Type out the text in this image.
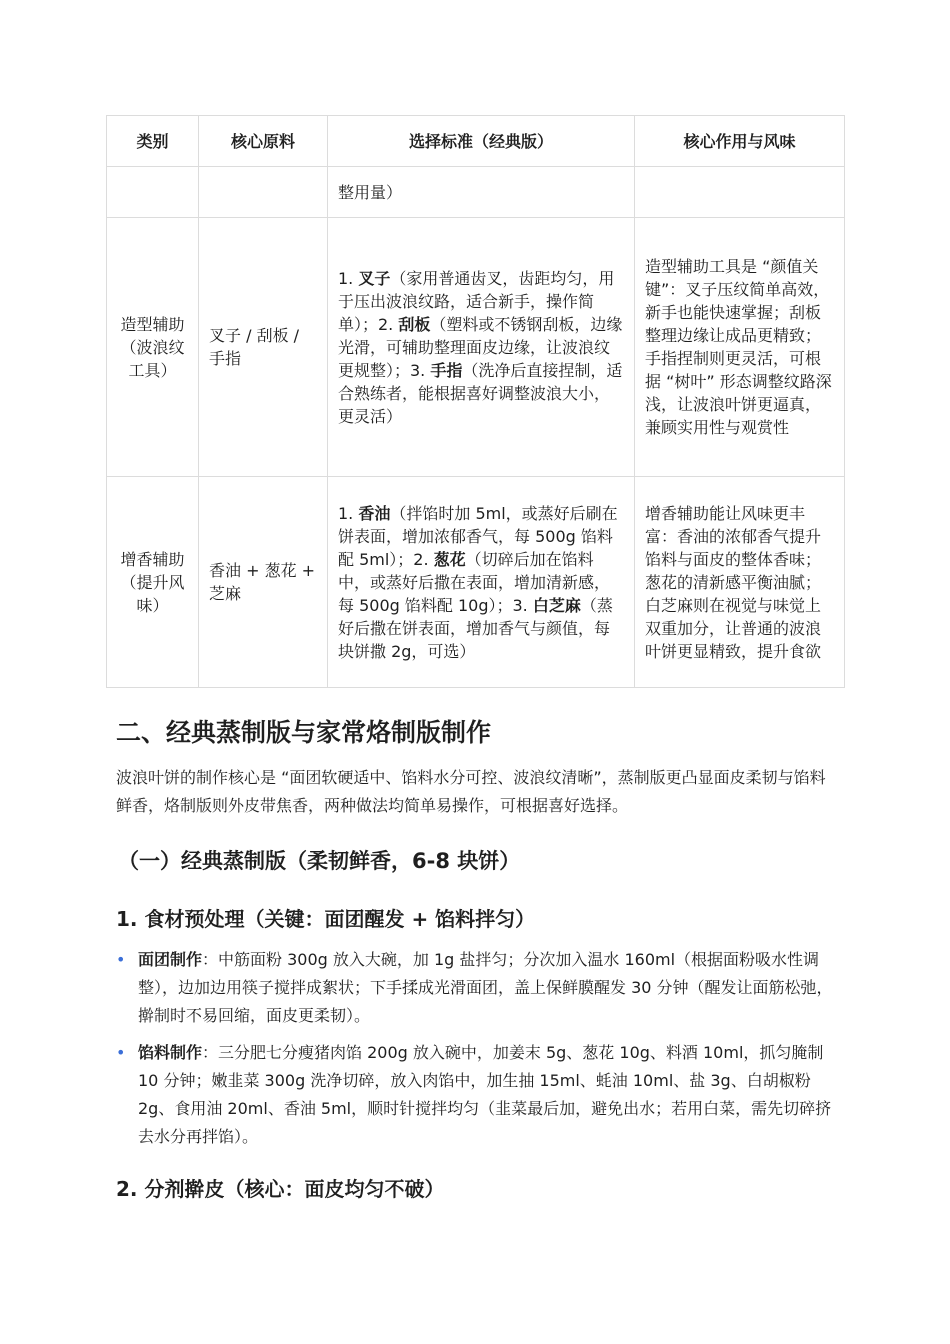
类别	核心原料	选择标准（经典版）	核心作用与风味
		整用量）	
造型辅助（波浪纹工具）	叉子 / 刮板 / 手指	1. 叉子（家用普通齿叉，齿距均匀，用于压出波浪纹路，适合新手，操作简单）；2. 刮板（塑料或不锈钢刮板，边缘光滑，可辅助整理面皮边缘，让波浪纹更规整）；3. 手指（洗净后直接捏制，适合熟练者，能根据喜好调整波浪大小，更灵活）	造型辅助工具是 “颜值关键”：叉子压纹简单高效，新手也能快速掌握；刮板整理边缘让成品更精致；手指捏制则更灵活，可根据 “树叶” 形态调整纹路深浅，让波浪叶饼更逼真，兼顾实用性与观赏性
增香辅助（提升风味）	香油 + 葱花 + 芝麻	1. 香油（拌馅时加 5ml，或蒸好后刷在饼表面，增加浓郁香气，每 500g 馅料配 5ml）；2. 葱花（切碎后加在馅料中，或蒸好后撒在表面，增加清新感，每 500g 馅料配 10g）；3. 白芝麻（蒸好后撒在饼表面，增加香气与颜值，每块饼撒 2g，可选）	增香辅助能让风味更丰富：香油的浓郁香气提升馅料与面皮的整体香味；葱花的清新感平衡油腻；白芝麻则在视觉与味觉上双重加分，让普通的波浪叶饼更显精致，提升食欲
二、经典蒸制版与家常烙制版制作

波浪叶饼的制作核心是 “面团软硬适中、馅料水分可控、波浪纹清晰”，蒸制版更凸显面皮柔韧与馅料鲜香，烙制版则外皮带焦香，两种做法均简单易操作，可根据喜好选择。

（一）经典蒸制版（柔韧鲜香，6-8 块饼）
1. 食材预处理（关键：面团醒发 + 馅料拌匀）
• 面团制作：中筋面粉 300g 放入大碗，加 1g 盐拌匀；分次加入温水 160ml（根据面粉吸水性调整），边加边用筷子搅拌成絮状；下手揉成光滑面团，盖上保鲜膜醒发 30 分钟（醒发让面筋松弛，擀制时不易回缩，面皮更柔韧）。
• 馅料制作：三分肥七分瘦猪肉馅 200g 放入碗中，加姜末 5g、葱花 10g、料酒 10ml，抓匀腌制 10 分钟；嫩韭菜 300g 洗净切碎，放入肉馅中，加生抽 15ml、蚝油 10ml、盐 3g、白胡椒粉 2g、食用油 20ml、香油 5ml，顺时针搅拌均匀（韭菜最后加，避免出水；若用白菜，需先切碎挤去水分再拌馅）。
2. 分剂擀皮（核心：面皮均匀不破）
